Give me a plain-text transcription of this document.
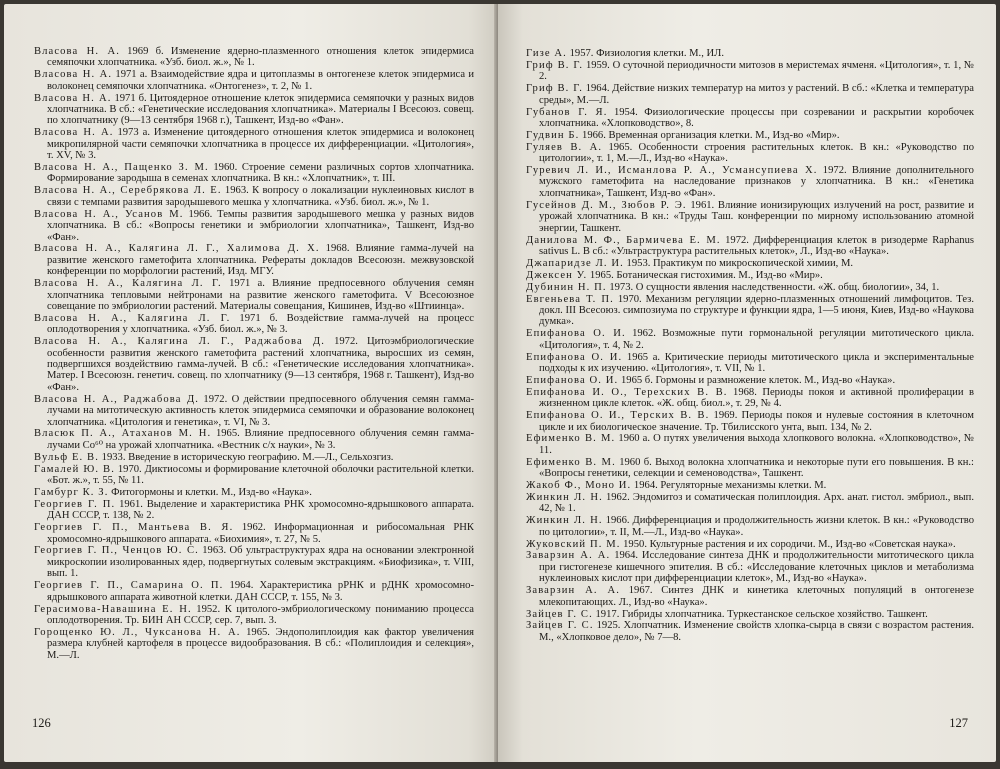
Власова Н. А. 1969 б. Изменение ядерно-плазменного отношения клеток эпидермиса семяпочки хлопчатника. «Узб. биол. ж.», № 1.
Власова Н. А. 1971 а. Взаимодействие ядра и цитоплазмы в онтогенезе клеток эпидермиса и волоконец семяпочки хлопчатника. «Онтогенез», т. 2, № 1.
Власова Н. А. 1971 б. Цитоядерное отношение клеток эпидермиса семяпочки у разных видов хлопчатника. В сб.: «Генетические исследования хлопчатника». Материалы I Всесоюз. совещ. по хлопчатнику (9—13 сентября 1968 г.), Ташкент, Изд-во «Фан».
Власова Н. А. 1973 а. Изменение цитоядерного отношения клеток эпидермиса и волоконец микропилярной части семяпочки хлопчатника в процессе их дифференциации. «Цитология», т. XV, № 3.
Власова Н. А., Пащенко З. М. 1960. Строение семени различных сортов хлопчатника. Формирование зародыша в семенах хлопчатника. В кн.: «Хлопчатник», т. III.
Власова Н. А., Серебрякова Л. Е. 1963. К вопросу о локализации нуклеиновых кислот в связи с темпами развития зародышевого мешка у хлопчатника. «Узб. биол. ж.», № 1.
Власова Н. А., Усанов М. 1966. Темпы развития зародышевого мешка у разных видов хлопчатника. В сб.: «Вопросы генетики и эмбриологии хлопчатника», Ташкент, Изд-во «Фан».
Власова Н. А., Калягина Л. Г., Халимова Д. Х. 1968. Влияние гамма-лучей на развитие женского гаметофита хлопчатника. Рефераты докладов Всесоюзн. межвузовской конференции по морфологии растений, Изд. МГУ.
Власова Н. А., Калягина Л. Г. 1971 а. Влияние предпосевного облучения семян хлопчатника тепловыми нейтронами на развитие женского гаметофита. V Всесоюзное совещание по эмбриологии растений. Материалы совещания, Кишинев, Изд-во «Штиинца».
Власова Н. А., Калягина Л. Г. 1971 б. Воздействие гамма-лучей на процесс оплодотворения у хлопчатника. «Узб. биол. ж.», № 3.
Власова Н. А., Калягина Л. Г., Раджабова Д. 1972. Цитоэмбриологические особенности развития женского гаметофита растений хлопчатника, выросших из семян, подвергшихся воздействию гамма-лучей. В сб.: «Генетические исследования хлопчатника». Матер. I Всесоюзн. генетич. совещ. по хлопчатнику (9—13 сентября, 1968 г. Ташкент), Изд-во «Фан».
Власова Н. А., Раджабова Д. 1972. О действии предпосевного облучения семян гамма-лучами на митотическую активность клеток эпидермиса семяпочки и образование волоконец хлопчатника. «Цитология и генетика», т. VI, № 3.
Власюк П. А., Атаханов М. Н. 1965. Влияние предпосевного облучения семян гамма-лучами Со⁶⁰ на урожай хлопчатника. «Вестник с/х науки», № 3.
Вульф Е. В. 1933. Введение в историческую географию. М.—Л., Сельхозгиз.
Гамалей Ю. В. 1970. Диктиосомы и формирование клеточной оболочки растительной клетки. «Бот. ж.», т. 55, № 11.
Гамбург К. З. Фитогормоны и клетки. М., Изд-во «Наука».
Георгиев Г. П. 1961. Выделение и характеристика РНК хромосомно-ядрышкового аппарата. ДАН СССР, т. 138, № 2.
Георгиев Г. П., Мантьева В. Я. 1962. Информационная и рибосомальная РНК хромосомно-ядрышкового аппарата. «Биохимия», т. 27, № 5.
Георгиев Г. П., Ченцов Ю. С. 1963. Об ультраструктурах ядра на основании электронной микроскопии изолированных ядер, подвергнутых солевым экстракциям. «Биофизика», т. VIII, вып. 1.
Георгиев Г. П., Самарина О. П. 1964. Характеристика рРНК и рДНК хромосомно-ядрышкового аппарата животной клетки. ДАН СССР, т. 155, № 3.
Герасимова-Навашина Е. Н. 1952. К цитолого-эмбриологическому пониманию процесса оплодотворения. Тр. БИН АН СССР, сер. 7, вып. 3.
Горощенко Ю. Л., Чуксанова Н. А. 1965. Эндополиплоидия как фактор увеличения размера клубней картофеля в процессе видообразования. В сб.: «Полиплоидия и селекция», М.—Л.
126
Гизе А. 1957. Физиология клетки. М., ИЛ.
Гриф В. Г. 1959. О суточной периодичности митозов в меристемах ячменя. «Цитология», т. 1, № 2.
Гриф В. Г. 1964. Действие низких температур на митоз у растений. В сб.: «Клетка и температура среды», М.—Л.
Губанов Г. Я. 1954. Физиологические процессы при созревании и раскрытии коробочек хлопчатника. «Хлопководство», 8.
Гудвин Б. 1966. Временная организация клетки. М., Изд-во «Мир».
Гуляев В. А. 1965. Особенности строения растительных клеток. В кн.: «Руководство по цитологии», т. 1, М.—Л., Изд-во «Наука».
Гуревич Л. И., Исманлова Р. А., Усмансупиева Х. 1972. Влияние дополнительного мужского гаметофита на наследование признаков у хлопчатника. В кн.: «Генетика хлопчатника», Ташкент, Изд-во «Фан».
Гусейнов Д. М., Зюбов Р. Э. 1961. Влияние ионизирующих излучений на рост, развитие и урожай хлопчатника. В кн.: «Труды Таш. конференции по мирному использованию атомной энергии, Ташкент.
Данилова М. Ф., Бармичева Е. М. 1972. Дифференциация клеток в ризодерме Raphanus sativus L. В сб.: «Ультраструктура растительных клеток», Л., Изд-во «Наука».
Джапаридзе Л. И. 1953. Практикум по микроскопической химии, М.
Джексен У. 1965. Ботаническая гистохимия. М., Изд-во «Мир».
Дубинин Н. П. 1973. О сущности явления наследственности. «Ж. общ. биологии», 34, 1.
Евгеньева Т. П. 1970. Механизм регуляции ядерно-плазменных отношений лимфоцитов. Тез. докл. III Всесоюз. симпозиума по структуре и функции ядра, 1—5 июня, Киев, Изд-во «Наукова думка».
Епифанова О. И. 1962. Возможные пути гормональной регуляции митотического цикла. «Цитология», т. 4, № 2.
Епифанова О. И. 1965 а. Критические периоды митотического цикла и экспериментальные подходы к их изучению. «Цитология», т. VII, № 1.
Епифанова О. И. 1965 б. Гормоны и размножение клеток. М., Изд-во «Наука».
Епифанова И. О., Терехских В. В. 1968. Периоды покоя и активной пролиферации в жизненном цикле клеток. «Ж. общ. биол.», т. 29, № 4.
Епифанова О. И., Терских В. В. 1969. Периоды покоя и нулевые состояния в клеточном цикле и их биологическое значение. Тр. Тбилисского унта, вып. 134, № 2.
Ефименко В. М. 1960 а. О путях увеличения выхода хлопкового волокна. «Хлопководство», № 11.
Ефименко В. М. 1960 б. Выход волокна хлопчатника и некоторые пути его повышения. В кн.: «Вопросы генетики, селекции и семеноводства», Ташкент.
Жакоб Ф., Моно И. 1964. Регуляторные механизмы клетки. М.
Жинкин Л. Н. 1962. Эндомитоз и соматическая полиплоидия. Арх. анат. гистол. эмбриол., вып. 42, № 1.
Жинкин Л. Н. 1966. Дифференциация и продолжительность жизни клеток. В кн.: «Руководство по цитологии», т. II, М.—Л., Изд-во «Наука».
Жуковский П. М. 1950. Культурные растения и их сородичи. М., Изд-во «Советская наука».
Заварзин А. А. 1964. Исследование синтеза ДНК и продолжительности митотического цикла при гистогенезе кишечного эпителия. В сб.: «Исследование клеточных циклов и метаболизма нуклеиновых кислот при дифференциации клеток», М., Изд-во «Наука».
Заварзин А. А. 1967. Синтез ДНК и кинетика клеточных популяций в онтогенезе млекопитающих. Л., Изд-во «Наука».
Зайцев Г. С. 1917. Гибриды хлопчатника. Туркестанское сельское хозяйство. Ташкент.
Зайцев Г. С. 1925. Хлопчатник. Изменение свойств хлопка-сырца в связи с возрастом растения. М., «Хлопковое дело», № 7—8.
127
